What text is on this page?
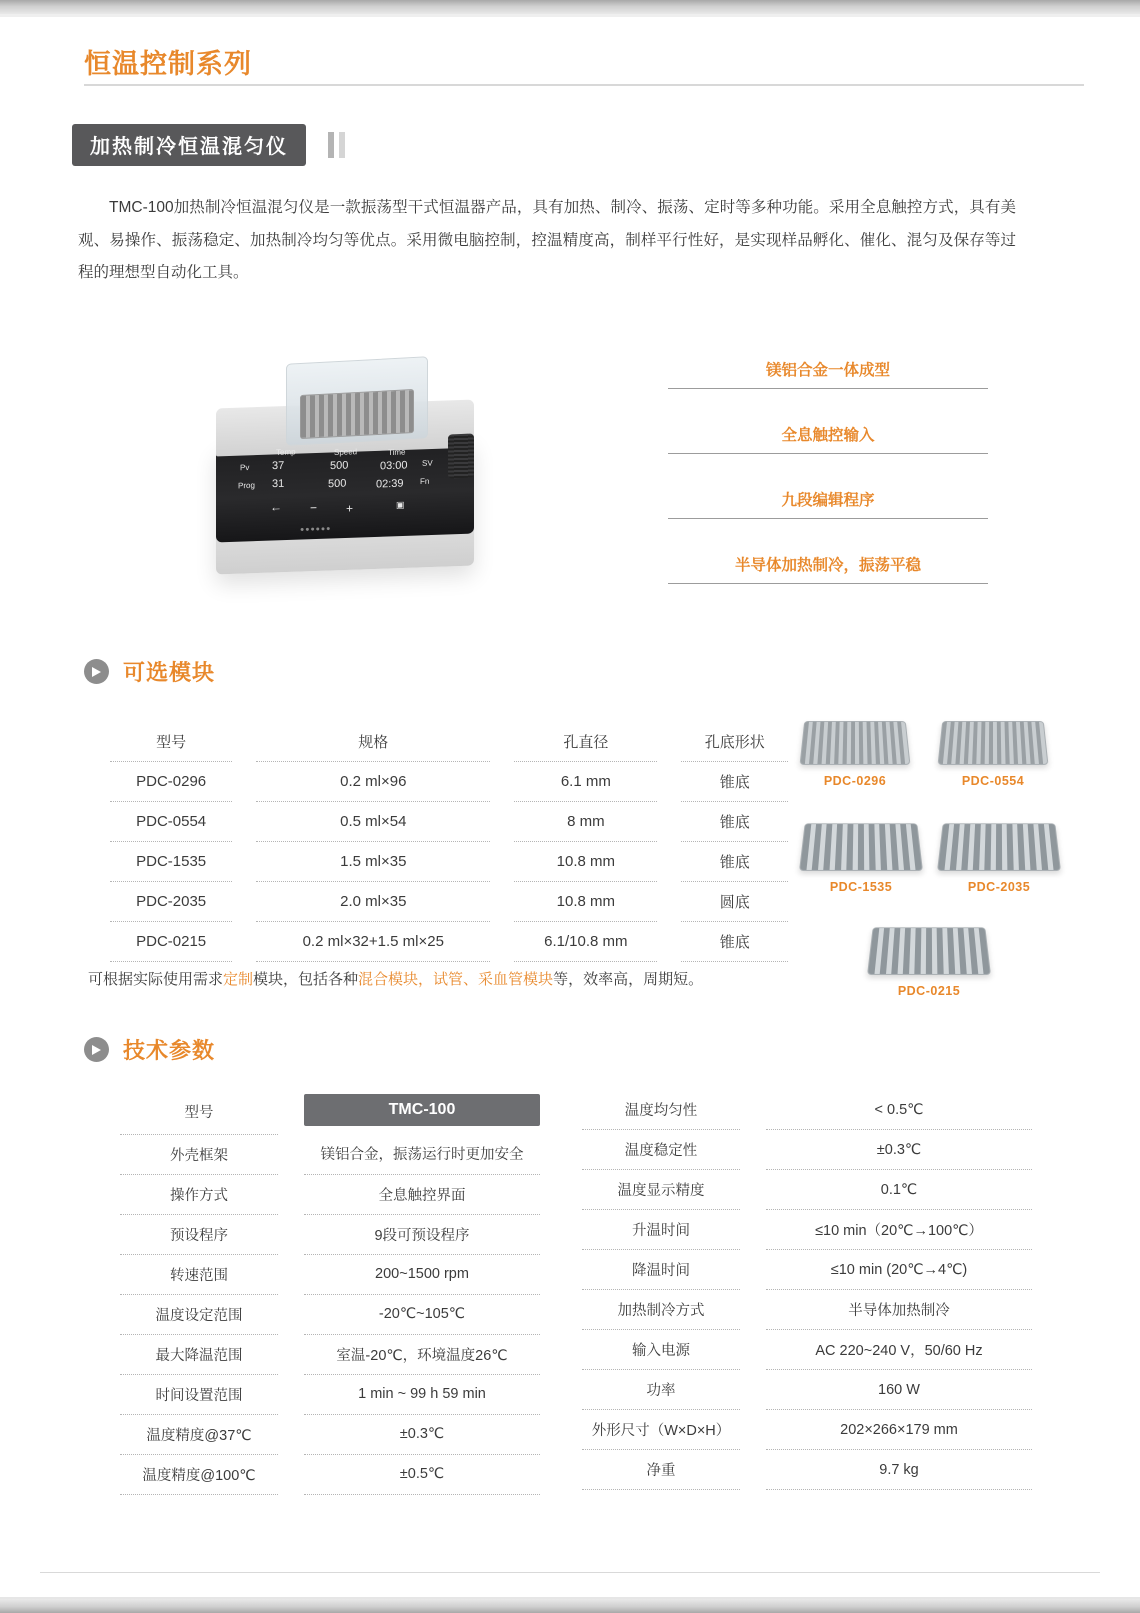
恒温控制系列
加热制冷恒温混匀仪
TMC-100加热制冷恒温混匀仪是一款振荡型干式恒温器产品，具有加热、制冷、振荡、定时等多种功能。采用全息触控方式，具有美观、易操作、振荡稳定、加热制冷均匀等优点。采用微电脑控制，控温精度高，制样平行性好，是实现样品孵化、催化、混匀及保存等过程的理想型自动化工具。
Temp	Speed	Time
Pv 37	500	03:00 SV
Prog 31	500	02:39 Fn
← − +	▣
●●●●●●
镁铝合金一体成型
全息触控输入
九段编辑程序
半导体加热制冷，振荡平稳
可选模块
型号		规格		孔直径		孔底形状
PDC-0296		0.2 ml×96		6.1 mm		锥底
PDC-0554		0.5 ml×54		8 mm		锥底
PDC-1535		1.5 ml×35		10.8 mm		锥底
PDC-2035		2.0 ml×35		10.8 mm		圆底
PDC-0215		0.2 ml×32+1.5 ml×25		6.1/10.8 mm		锥底
可根据实际使用需求定制模块，包括各种混合模块，试管、采血管模块等，效率高，周期短。
PDC-0296	PDC-0554
PDC-1535	PDC-2035
PDC-0215
技术参数
型号		TMC-100

外壳框架		镁铝合金，振荡运行时更加安全
操作方式		全息触控界面
预设程序		9段可预设程序
转速范围		200~1500 rpm
温度设定范围		-20℃~105℃
最大降温范围		室温-20℃，环境温度26℃
时间设置范围		1 min ~ 99 h 59 min
温度精度@37℃		±0.3℃
温度精度@100℃		±0.5℃
温度均匀性		< 0.5℃
温度稳定性		±0.3℃
温度显示精度		0.1℃
升温时间		≤10 min（20℃→100℃）
降温时间		≤10 min (20℃→4℃)
加热制冷方式		半导体加热制冷
输入电源		AC 220~240 V，50/60 Hz
功率		160 W
外形尺寸（W×D×H）		202×266×179 mm
净重		9.7 kg
